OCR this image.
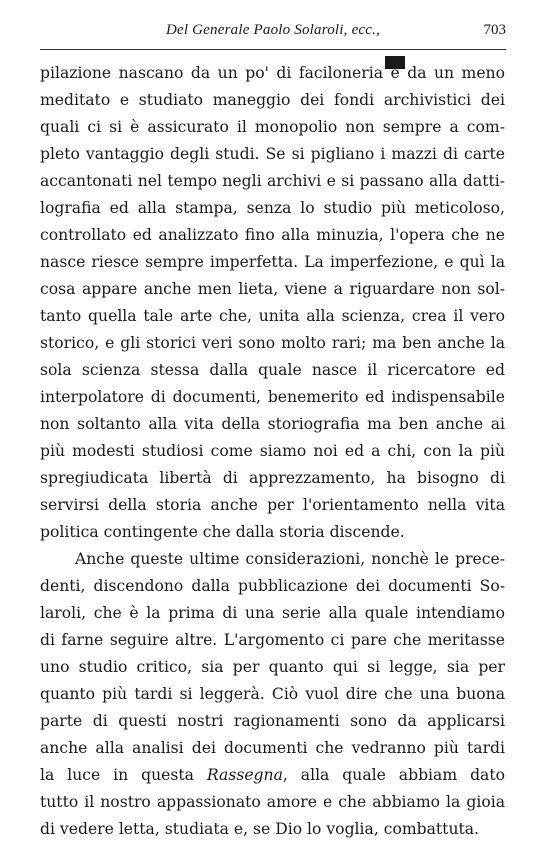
Del Generale Paolo Solaroli, ecc.,	703
pilazione nascano da un po' di faciloneria e da un meno
meditato e studiato maneggio dei fondi archivistici dei
quali ci si è assicurato il monopolio non sempre a com-
pleto vantaggio degli studi. Se si pigliano i mazzi di carte
accantonati nel tempo negli archivi e si passano alla datti-
lografia ed alla stampa, senza lo studio più meticoloso,
controllato ed analizzato fino alla minuzia, l'opera che ne
nasce riesce sempre imperfetta. La imperfezione, e quì la
cosa appare anche men lieta, viene a riguardare non sol-
tanto quella tale arte che, unita alla scienza, crea il vero
storico, e gli storici veri sono molto rari; ma ben anche la
sola scienza stessa dalla quale nasce il ricercatore ed
interpolatore di documenti, benemerito ed indispensabile
non soltanto alla vita della storiografia ma ben anche ai
più modesti studiosi come siamo noi ed a chi, con la più
spregiudicata libertà di apprezzamento, ha bisogno di
servirsi della storia anche per l'orientamento nella vita
politica contingente che dalla storia discende.
Anche queste ultime considerazioni, nonchè le prece-
denti, discendono dalla pubblicazione dei documenti So-
laroli, che è la prima di una serie alla quale intendiamo
di farne seguire altre. L'argomento ci pare che meritasse
uno studio critico, sia per quanto qui si legge, sia per
quanto più tardi si leggerà. Ciò vuol dire che una buona
parte di questi nostri ragionamenti sono da applicarsi
anche alla analisi dei documenti che vedranno più tardi
la luce in questa Rassegna, alla quale abbiam dato
tutto il nostro appassionato amore e che abbiamo la gioia
di vedere letta, studiata e, se Dio lo voglia, combattuta.
